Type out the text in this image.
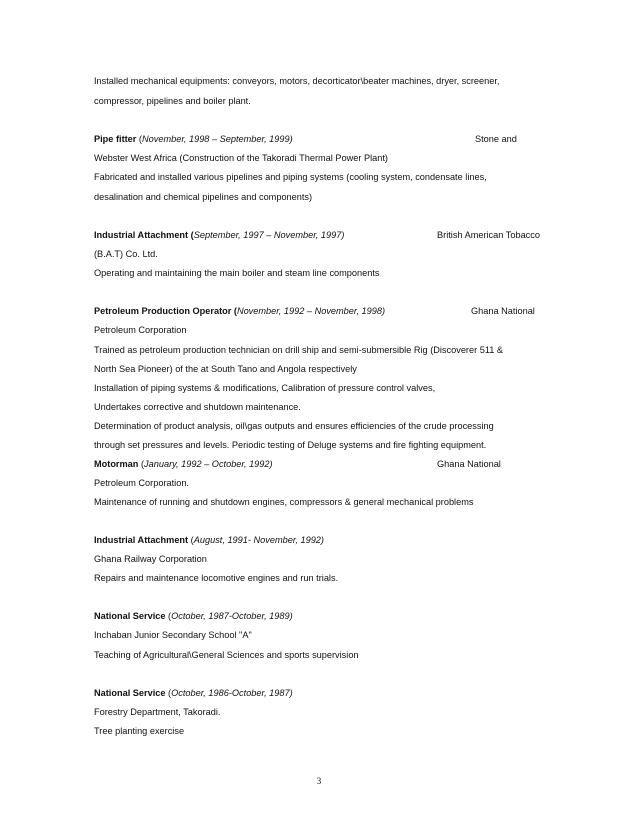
Installed mechanical equipments: conveyors, motors, decorticator\beater machines, dryer, screener,
compressor, pipelines and boiler plant.
Pipe fitter (November, 1998 – September, 1999)	Stone and
Webster West Africa (Construction of the Takoradi Thermal Power Plant)
Fabricated and installed various pipelines and piping systems (cooling system, condensate lines,
desalination and chemical pipelines and components)
Industrial Attachment (September, 1997 – November, 1997)	British American Tobacco
(B.A.T) Co. Ltd.
Operating and maintaining the main boiler and steam line components
Petroleum Production Operator (November, 1992 – November, 1998)	Ghana National
Petroleum Corporation
Trained as petroleum production technician on drill ship and semi-submersible Rig (Discoverer 511 &
North Sea Pioneer) of the at South Tano and Angola respectively
Installation of piping systems & modifications, Calibration of pressure control valves,
Undertakes corrective and shutdown maintenance.
Determination of product analysis, oil\gas outputs and ensures efficiencies of the crude processing
through set pressures and levels. Periodic testing of Deluge systems and fire fighting equipment.
Motorman (January, 1992 – October, 1992)	Ghana National
Petroleum Corporation.
Maintenance of running and shutdown engines, compressors & general mechanical problems
Industrial Attachment (August, 1991- November, 1992)
Ghana Railway Corporation
Repairs and maintenance locomotive engines and run trials.
National Service (October, 1987-October, 1989)
Inchaban Junior Secondary School "A"
Teaching of Agricultural\General Sciences and sports supervision
National Service (October, 1986-October, 1987)
Forestry Department, Takoradi.
Tree planting exercise
3
